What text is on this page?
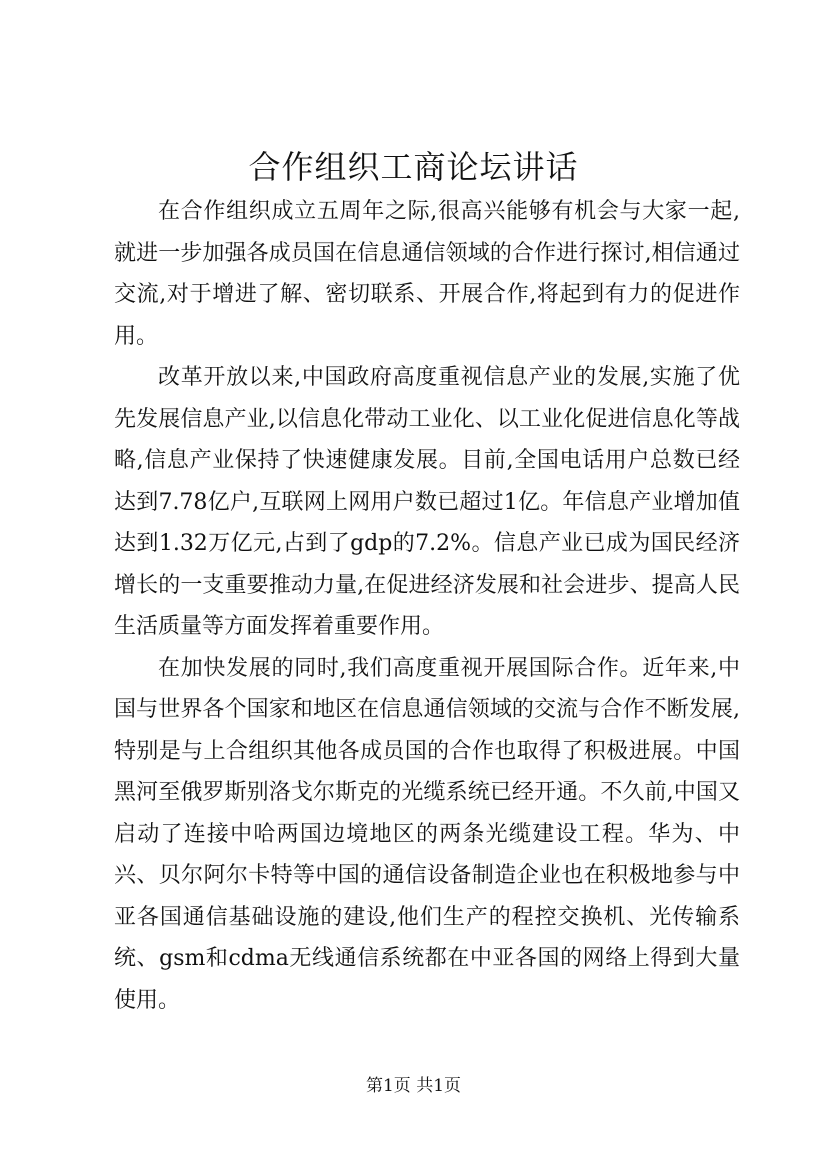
合作组织工商论坛讲话

在合作组织成立五周年之际,很高兴能够有机会与大家一起,就进一步加强各成员国在信息通信领域的合作进行探讨,相信通过交流,对于增进了解、密切联系、开展合作,将起到有力的促进作用。

改革开放以来,中国政府高度重视信息产业的发展,实施了优先发展信息产业,以信息化带动工业化、以工业化促进信息化等战略,信息产业保持了快速健康发展。目前,全国电话用户总数已经达到7.78亿户,互联网上网用户数已超过1亿。年信息产业增加值达到1.32万亿元,占到了gdp的7.2%。信息产业已成为国民经济增长的一支重要推动力量,在促进经济发展和社会进步、提高人民生活质量等方面发挥着重要作用。

在加快发展的同时,我们高度重视开展国际合作。近年来,中国与世界各个国家和地区在信息通信领域的交流与合作不断发展,特别是与上合组织其他各成员国的合作也取得了积极进展。中国黑河至俄罗斯别洛戈尔斯克的光缆系统已经开通。不久前,中国又启动了连接中哈两国边境地区的两条光缆建设工程。华为、中兴、贝尔阿尔卡特等中国的通信设备制造企业也在积极地参与中亚各国通信基础设施的建设,他们生产的程控交换机、光传输系统、gsm和cdma无线通信系统都在中亚各国的网络上得到大量使用。

第1页 共1页
